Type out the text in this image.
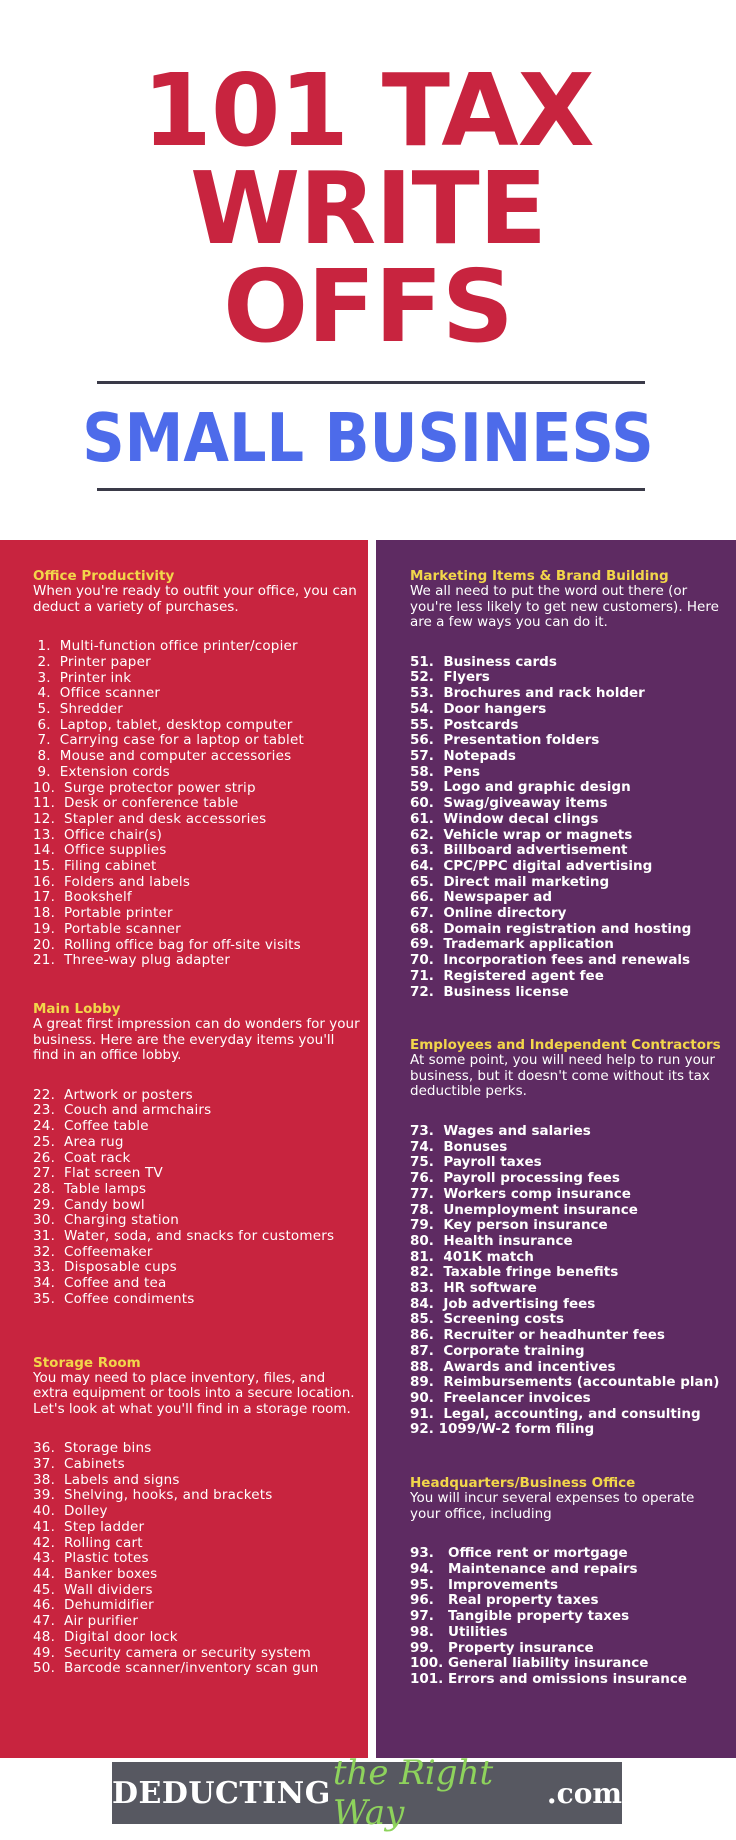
101 TAX
WRITE
OFFS
SMALL BUSINESS
Office Productivity
When you're ready to outfit your office, you can deduct a variety of purchases.
1.  Multi-function office printer/copier
2.  Printer paper
3.  Printer ink
4.  Office scanner
5.  Shredder
6.  Laptop, tablet, desktop computer
7.  Carrying case for a laptop or tablet
8.  Mouse and computer accessories
9.  Extension cords
10.  Surge protector power strip
11.  Desk or conference table
12.  Stapler and desk accessories
13.  Office chair(s)
14.  Office supplies
15.  Filing cabinet
16.  Folders and labels
17.  Bookshelf
18.  Portable printer
19.  Portable scanner
20.  Rolling office bag for off-site visits
21.  Three-way plug adapter
Main Lobby
A great first impression can do wonders for your business. Here are the everyday items you'll find in an office lobby.
22.  Artwork or posters
23.  Couch and armchairs
24.  Coffee table
25.  Area rug
26.  Coat rack
27.  Flat screen TV
28.  Table lamps
29.  Candy bowl
30.  Charging station
31.  Water, soda, and snacks for customers
32.  Coffeemaker
33.  Disposable cups
34.  Coffee and tea
35.  Coffee condiments
Storage Room
You may need to place inventory, files, and extra equipment or tools into a secure location. Let's look at what you'll find in a storage room.
36.  Storage bins
37.  Cabinets
38.  Labels and signs
39.  Shelving, hooks, and brackets
40.  Dolley
41.  Step ladder
42.  Rolling cart
43.  Plastic totes
44.  Banker boxes
45.  Wall dividers
46.  Dehumidifier
47.  Air purifier
48.  Digital door lock
49.  Security camera or security system
50.  Barcode scanner/inventory scan gun
Marketing Items & Brand Building
We all need to put the word out there (or you're less likely to get new customers). Here are a few ways you can do it.
51.  Business cards
52.  Flyers
53.  Brochures and rack holder
54.  Door hangers
55.  Postcards
56.  Presentation folders
57.  Notepads
58.  Pens
59.  Logo and graphic design
60.  Swag/giveaway items
61.  Window decal clings
62.  Vehicle wrap or magnets
63.  Billboard advertisement
64.  CPC/PPC digital advertising
65.  Direct mail marketing
66.  Newspaper ad
67.  Online directory
68.  Domain registration and hosting
69.  Trademark application
70.  Incorporation fees and renewals
71.  Registered agent fee
72.  Business license
Employees and Independent Contractors
At some point, you will need help to run your business, but it doesn't come without its tax deductible perks.
73.  Wages and salaries
74.  Bonuses
75.  Payroll taxes
76.  Payroll processing fees
77.  Workers comp insurance
78.  Unemployment insurance
79.  Key person insurance
80.  Health insurance
81.  401K match
82.  Taxable fringe benefits
83.  HR software
84.  Job advertising fees
85.  Screening costs
86.  Recruiter or headhunter fees
87.  Corporate training
88.  Awards and incentives
89.  Reimbursements (accountable plan)
90.  Freelancer invoices
91.  Legal, accounting, and consulting
92. 1099/W-2 form filing
Headquarters/Business Office
You will incur several expenses to operate your office, including
93.   Office rent or mortgage
94.   Maintenance and repairs
95.   Improvements
96.   Real property taxes
97.   Tangible property taxes
98.   Utilities
99.   Property insurance
100. General liability insurance
101. Errors and omissions insurance
DEDUCTING the Right Way	.com
